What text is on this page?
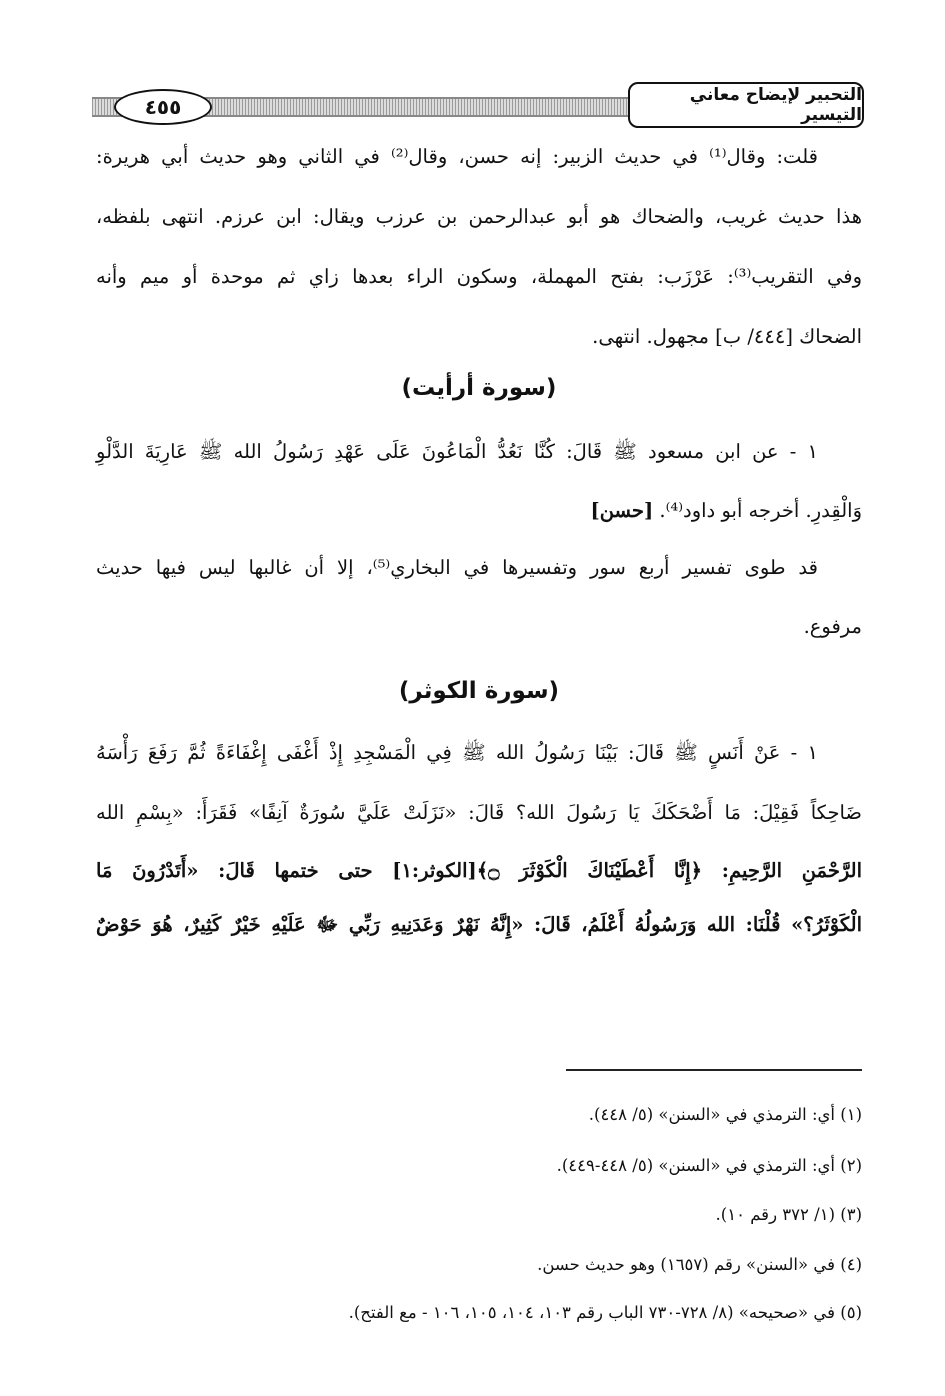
٤٥٥	التحبير لإيضاح معاني التيسير
قلت: وقال⁽¹⁾ في حديث الزبير: إنه حسن، وقال⁽²⁾ في الثاني وهو حديث أبي هريرة:
هذا حديث غريب، والضحاك هو أبو عبدالرحمن بن عرزب ويقال: ابن عرزم. انتهى بلفظه،
وفي التقريب⁽³⁾: عَرْزَب: بفتح المهملة، وسكون الراء بعدها زاي ثم موحدة أو ميم وأنه
الضحاك [٤٤٤/ ب] مجهول. انتهى.
(سورة أرأيت)
١ - عن ابن مسعود ﷺ قَالَ: كُنَّا نَعُدُّ الْمَاعُونَ عَلَى عَهْدِ رَسُولُ الله ﷺ عَارِيَةَ الدَّلْوِ
وَالْقِدرِ. أخرجه أبو داود⁽⁴⁾. [حسن]
قد طوى تفسير أربع سور وتفسيرها في البخاري⁽⁵⁾، إلا أن غالبها ليس فيها حديث
مرفوع.
(سورة الكوثر)
١ - عَنْ أَنَسٍ ﷺ قَالَ: بَيْنَا رَسُولُ الله ﷺ فِي الْمَسْجِدِ إِذْ أَغْفَى إِغْفَاءَةً ثُمَّ رَفَعَ رَأْسَهُ
ضَاحِكاً فَقِيْلَ: مَا أَضْحَكَكَ يَا رَسُولَ الله؟ قَالَ: «نَزَلَتْ عَلَيَّ سُورَةٌ آنِفًا» فَقَرَأَ: «بِسْمِ الله
الرَّحْمَنِ الرَّحِيمِ: ﴿إِنَّا أَعْطَيْنَاكَ الْكَوْثَرَ ۝﴾[الكوثر:١] حتى ختمها قَالَ: «أَتَدْرُونَ مَا
الْكَوْثَرُ؟» قُلْنَا: الله وَرَسُولُهُ أَعْلَمُ، قَالَ: «إِنَّهُ نَهْرٌ وَعَدَنِيهِ رَبِّي ﷻ عَلَيْهِ خَيْرٌ كَثِيرٌ، هُوَ حَوْضٌ
(١) أي: الترمذي في «السنن» (٥/ ٤٤٨).
(٢) أي: الترمذي في «السنن» (٥/ ٤٤٨-٤٤٩).
(٣) (١/ ٣٧٢ رقم ١٠).
(٤) في «السنن» رقم (١٦٥٧) وهو حديث حسن.
(٥) في «صحيحه» (٨/ ٧٢٨-٧٣٠ الباب رقم ١٠٣، ١٠٤، ١٠٥، ١٠٦ - مع الفتح).
